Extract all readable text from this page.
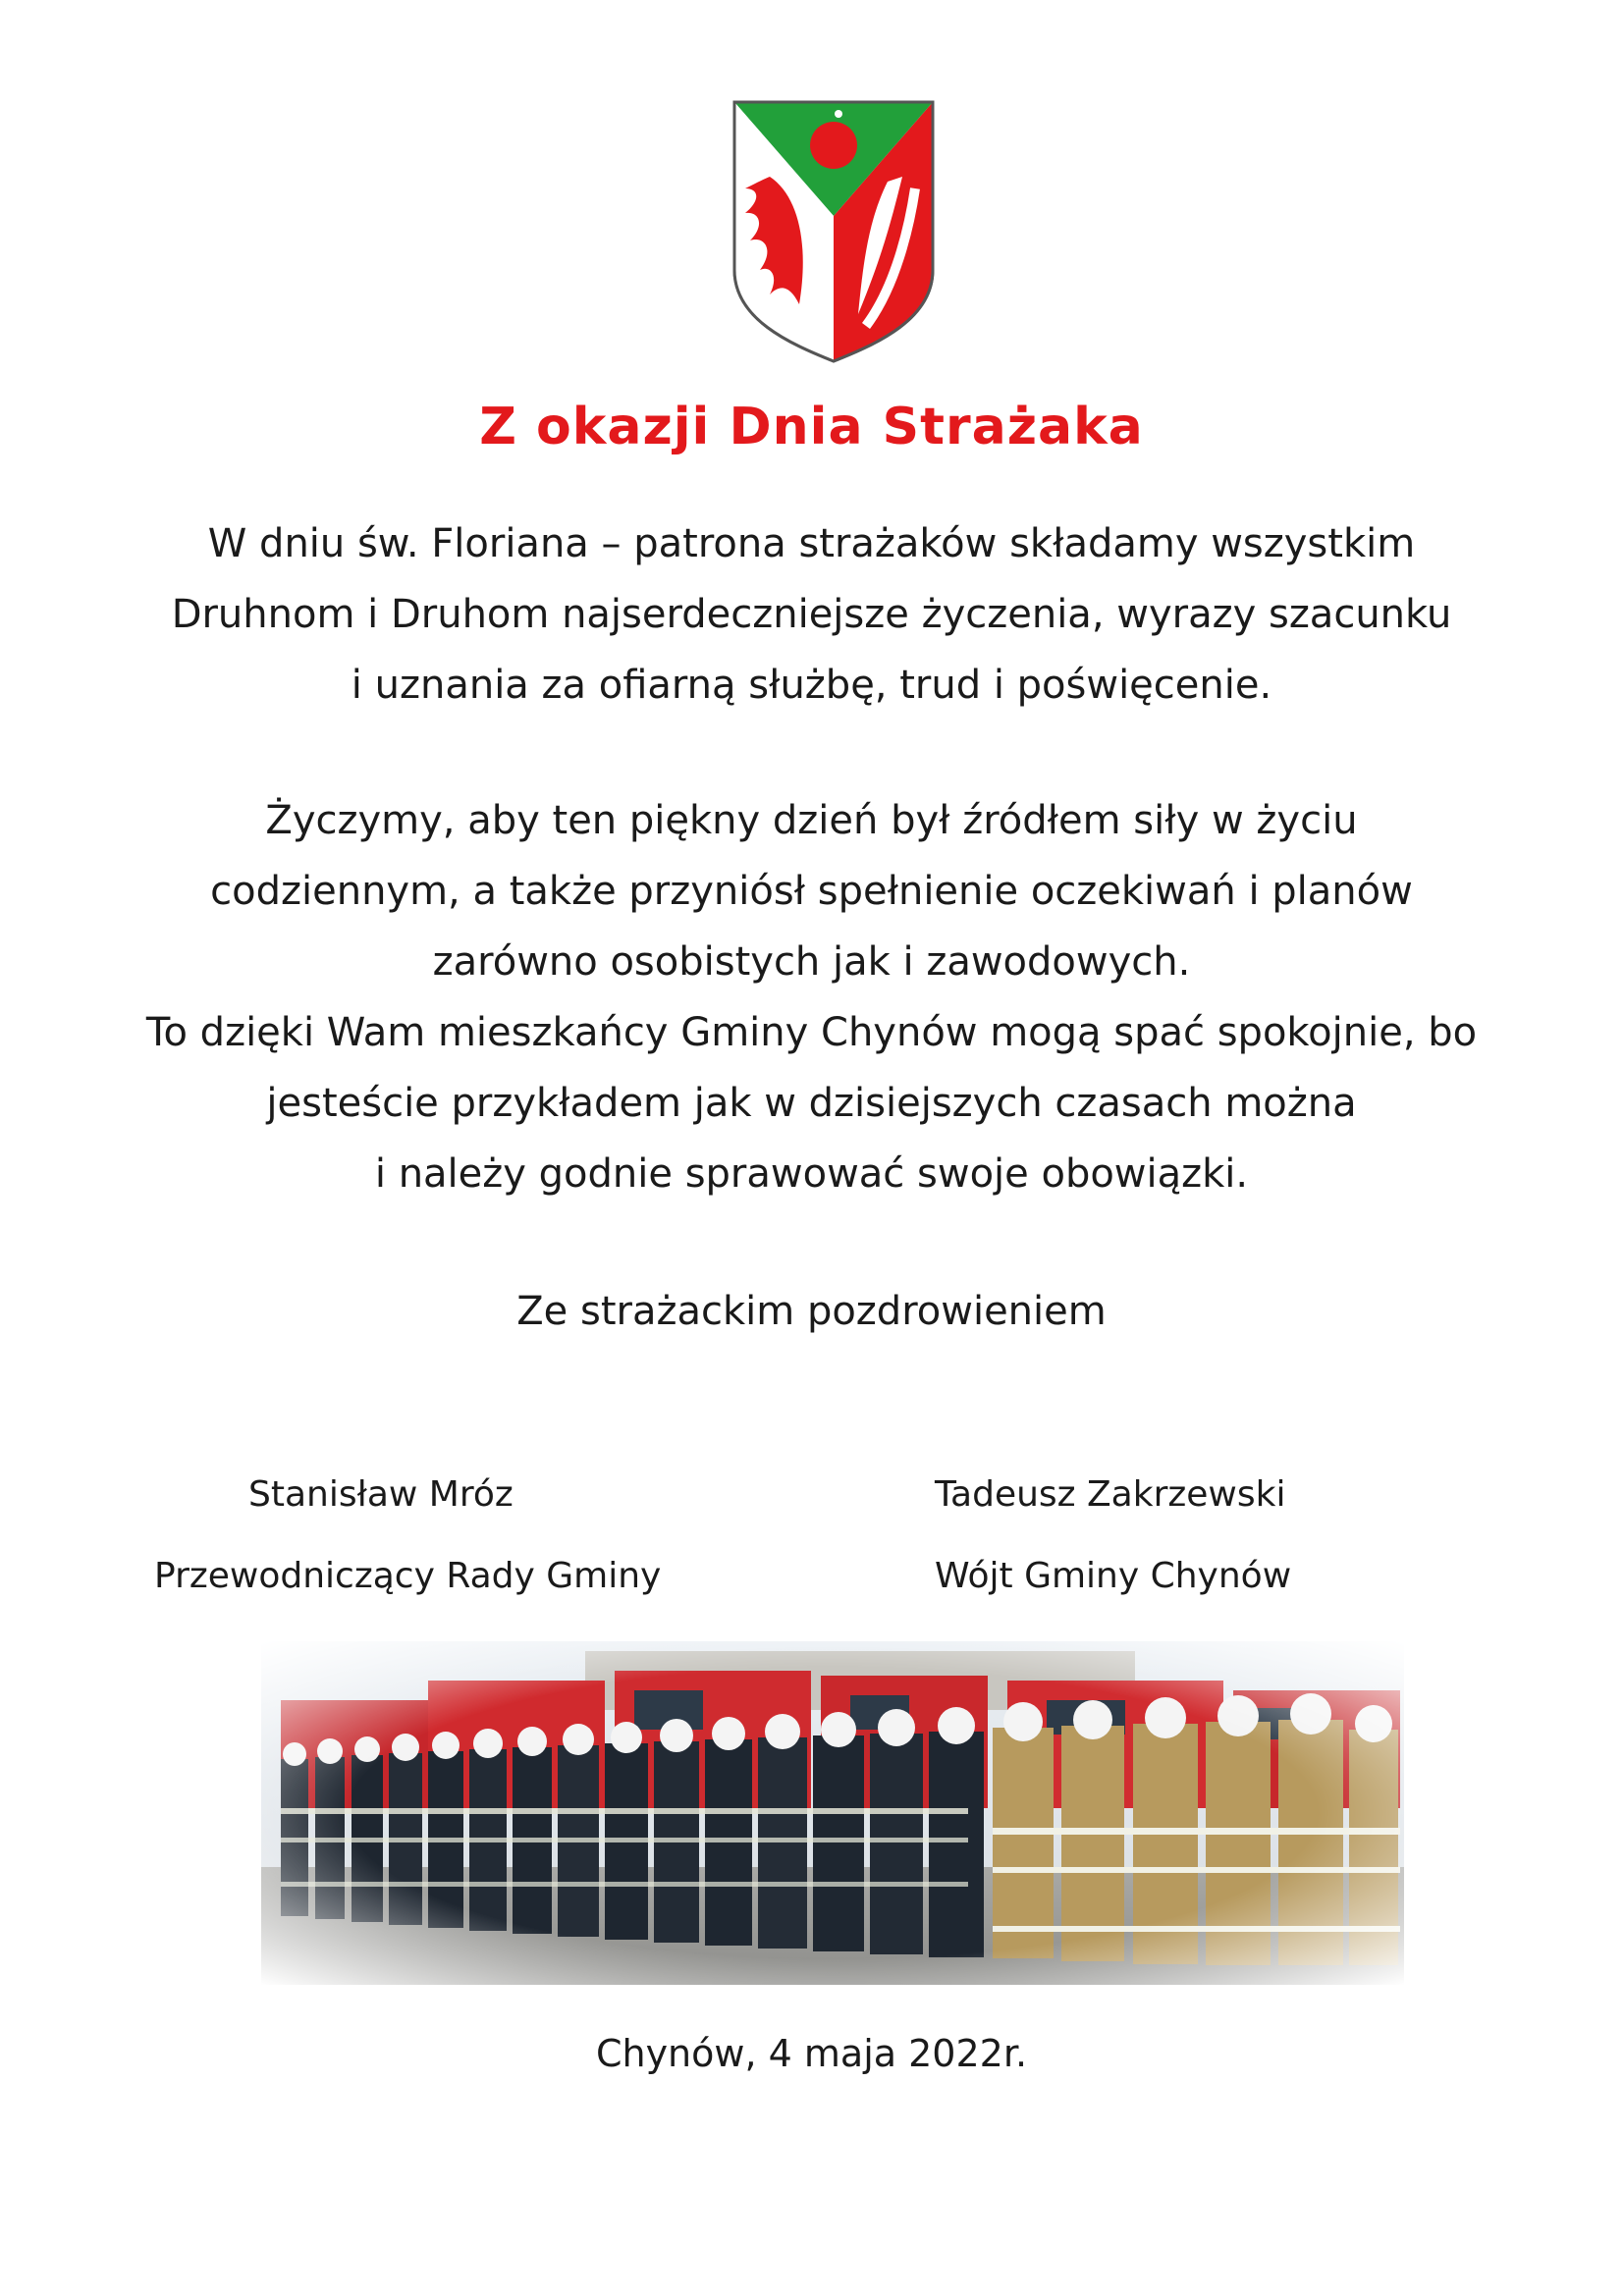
Z okazji Dnia Strażaka
W dniu św. Floriana – patrona strażaków składamy wszystkim
Druhnom i Druhom najserdeczniejsze życzenia, wyrazy szacunku
i uznania za ofiarną służbę, trud i poświęcenie.
Życzymy, aby ten piękny dzień był źródłem siły w życiu
codziennym, a także przyniósł spełnienie oczekiwań i planów
zarówno osobistych jak i zawodowych.
To dzięki Wam mieszkańcy Gminy Chynów mogą spać spokojnie, bo
jesteście przykładem jak w dzisiejszych czasach można
i należy godnie sprawować swoje obowiązki.
Ze strażackim pozdrowieniem
Stanisław Mróz
Przewodniczący Rady Gminy
Tadeusz Zakrzewski
Wójt Gminy Chynów
Chynów, 4 maja 2022r.
